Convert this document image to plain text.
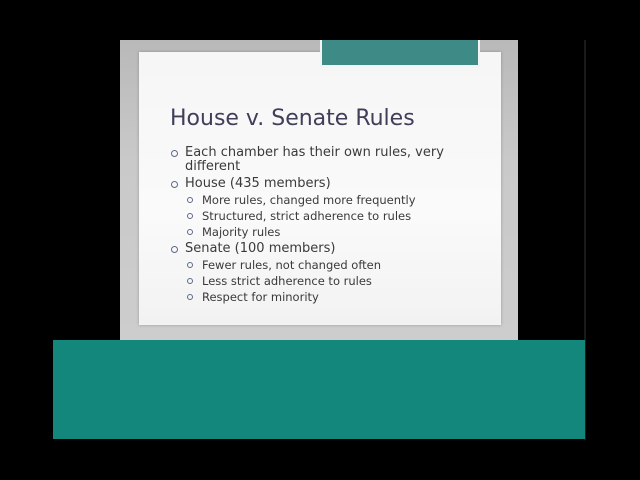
House v. Senate Rules
Each chamber has their own rules, very different
House (435 members)
More rules, changed more frequently
Structured, strict adherence to rules
Majority rules
Senate (100 members)
Fewer rules, not changed often
Less strict adherence to rules
Respect for minority
